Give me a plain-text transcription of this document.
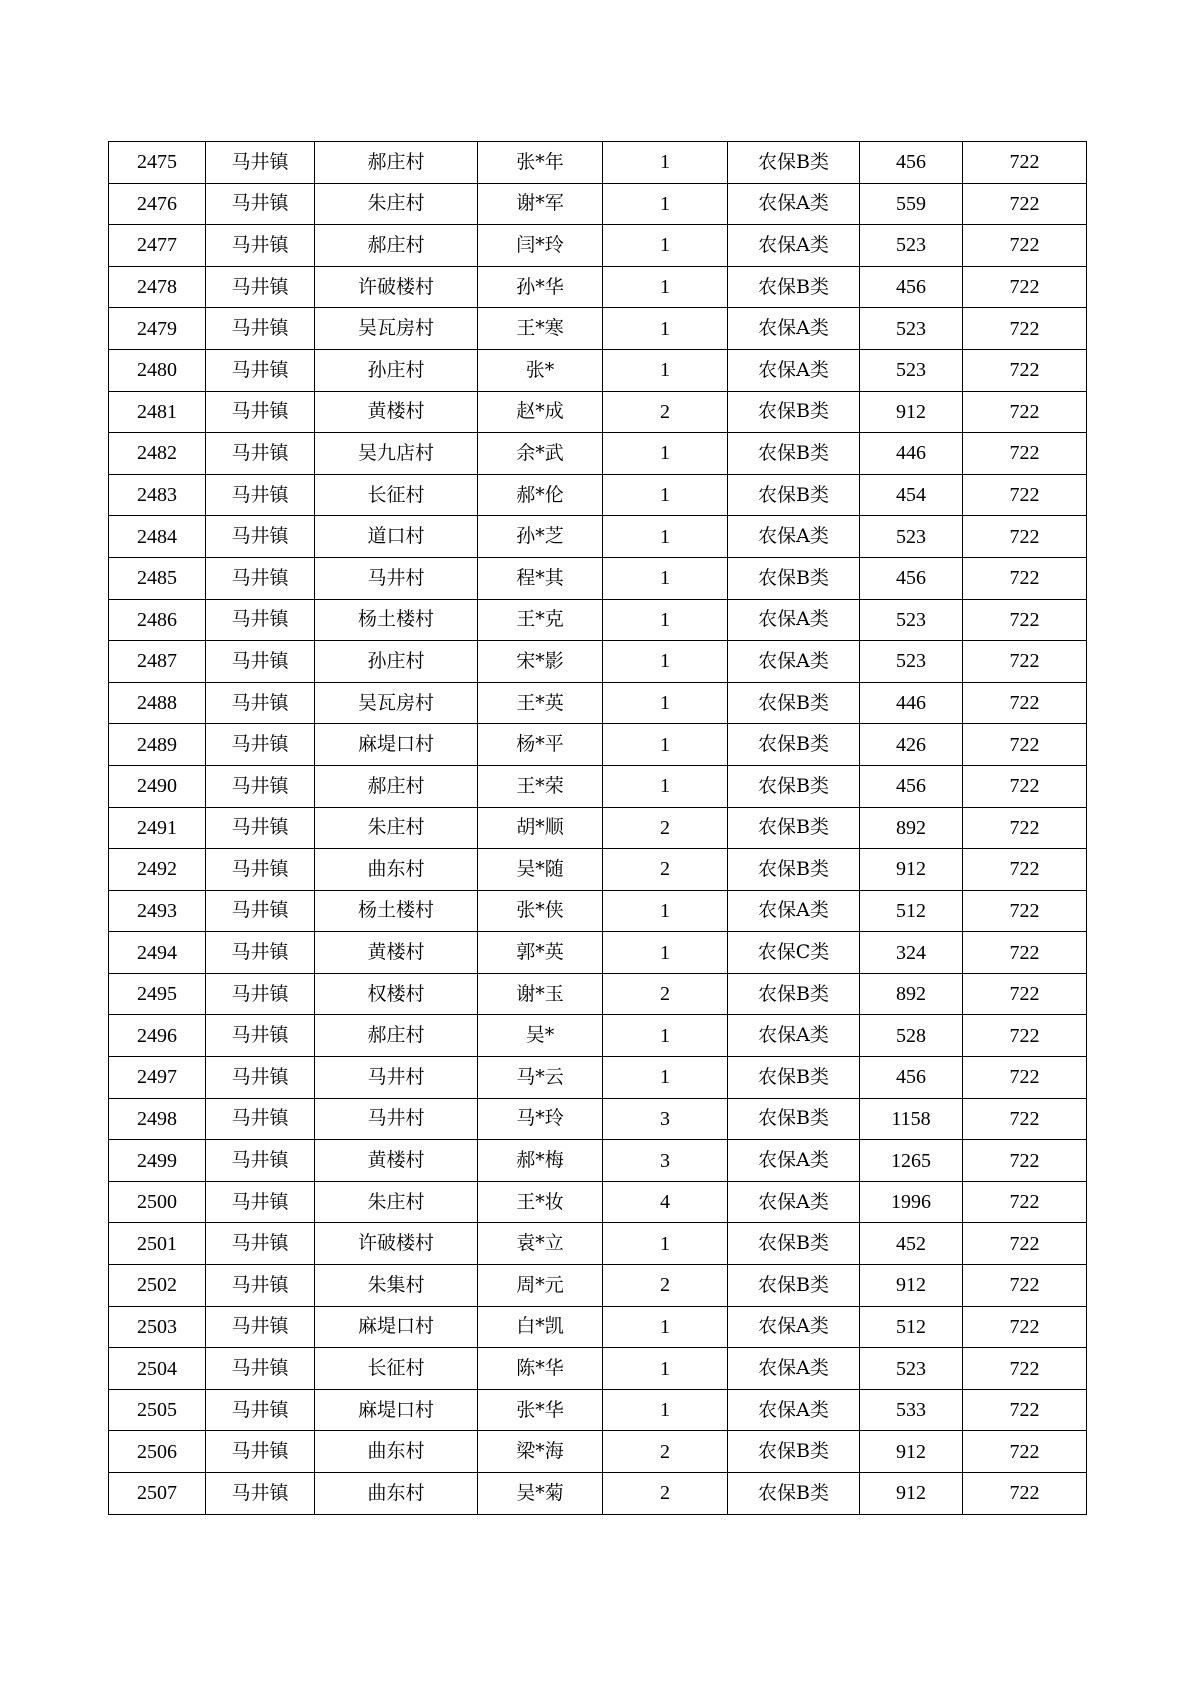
2475	马井镇	郝庄村	张*年	1	农保B类	456	722
2476	马井镇	朱庄村	谢*军	1	农保A类	559	722
2477	马井镇	郝庄村	闫*玲	1	农保A类	523	722
2478	马井镇	许破楼村	孙*华	1	农保B类	456	722
2479	马井镇	吴瓦房村	王*寒	1	农保A类	523	722
2480	马井镇	孙庄村	张*	1	农保A类	523	722
2481	马井镇	黄楼村	赵*成	2	农保B类	912	722
2482	马井镇	吴九店村	余*武	1	农保B类	446	722
2483	马井镇	长征村	郝*伦	1	农保B类	454	722
2484	马井镇	道口村	孙*芝	1	农保A类	523	722
2485	马井镇	马井村	程*其	1	农保B类	456	722
2486	马井镇	杨土楼村	王*克	1	农保A类	523	722
2487	马井镇	孙庄村	宋*影	1	农保A类	523	722
2488	马井镇	吴瓦房村	王*英	1	农保B类	446	722
2489	马井镇	麻堤口村	杨*平	1	农保B类	426	722
2490	马井镇	郝庄村	王*荣	1	农保B类	456	722
2491	马井镇	朱庄村	胡*顺	2	农保B类	892	722
2492	马井镇	曲东村	吴*随	2	农保B类	912	722
2493	马井镇	杨土楼村	张*侠	1	农保A类	512	722
2494	马井镇	黄楼村	郭*英	1	农保C类	324	722
2495	马井镇	权楼村	谢*玉	2	农保B类	892	722
2496	马井镇	郝庄村	吴*	1	农保A类	528	722
2497	马井镇	马井村	马*云	1	农保B类	456	722
2498	马井镇	马井村	马*玲	3	农保B类	1158	722
2499	马井镇	黄楼村	郝*梅	3	农保A类	1265	722
2500	马井镇	朱庄村	王*妆	4	农保A类	1996	722
2501	马井镇	许破楼村	袁*立	1	农保B类	452	722
2502	马井镇	朱集村	周*元	2	农保B类	912	722
2503	马井镇	麻堤口村	白*凯	1	农保A类	512	722
2504	马井镇	长征村	陈*华	1	农保A类	523	722
2505	马井镇	麻堤口村	张*华	1	农保A类	533	722
2506	马井镇	曲东村	梁*海	2	农保B类	912	722
2507	马井镇	曲东村	吴*菊	2	农保B类	912	722
